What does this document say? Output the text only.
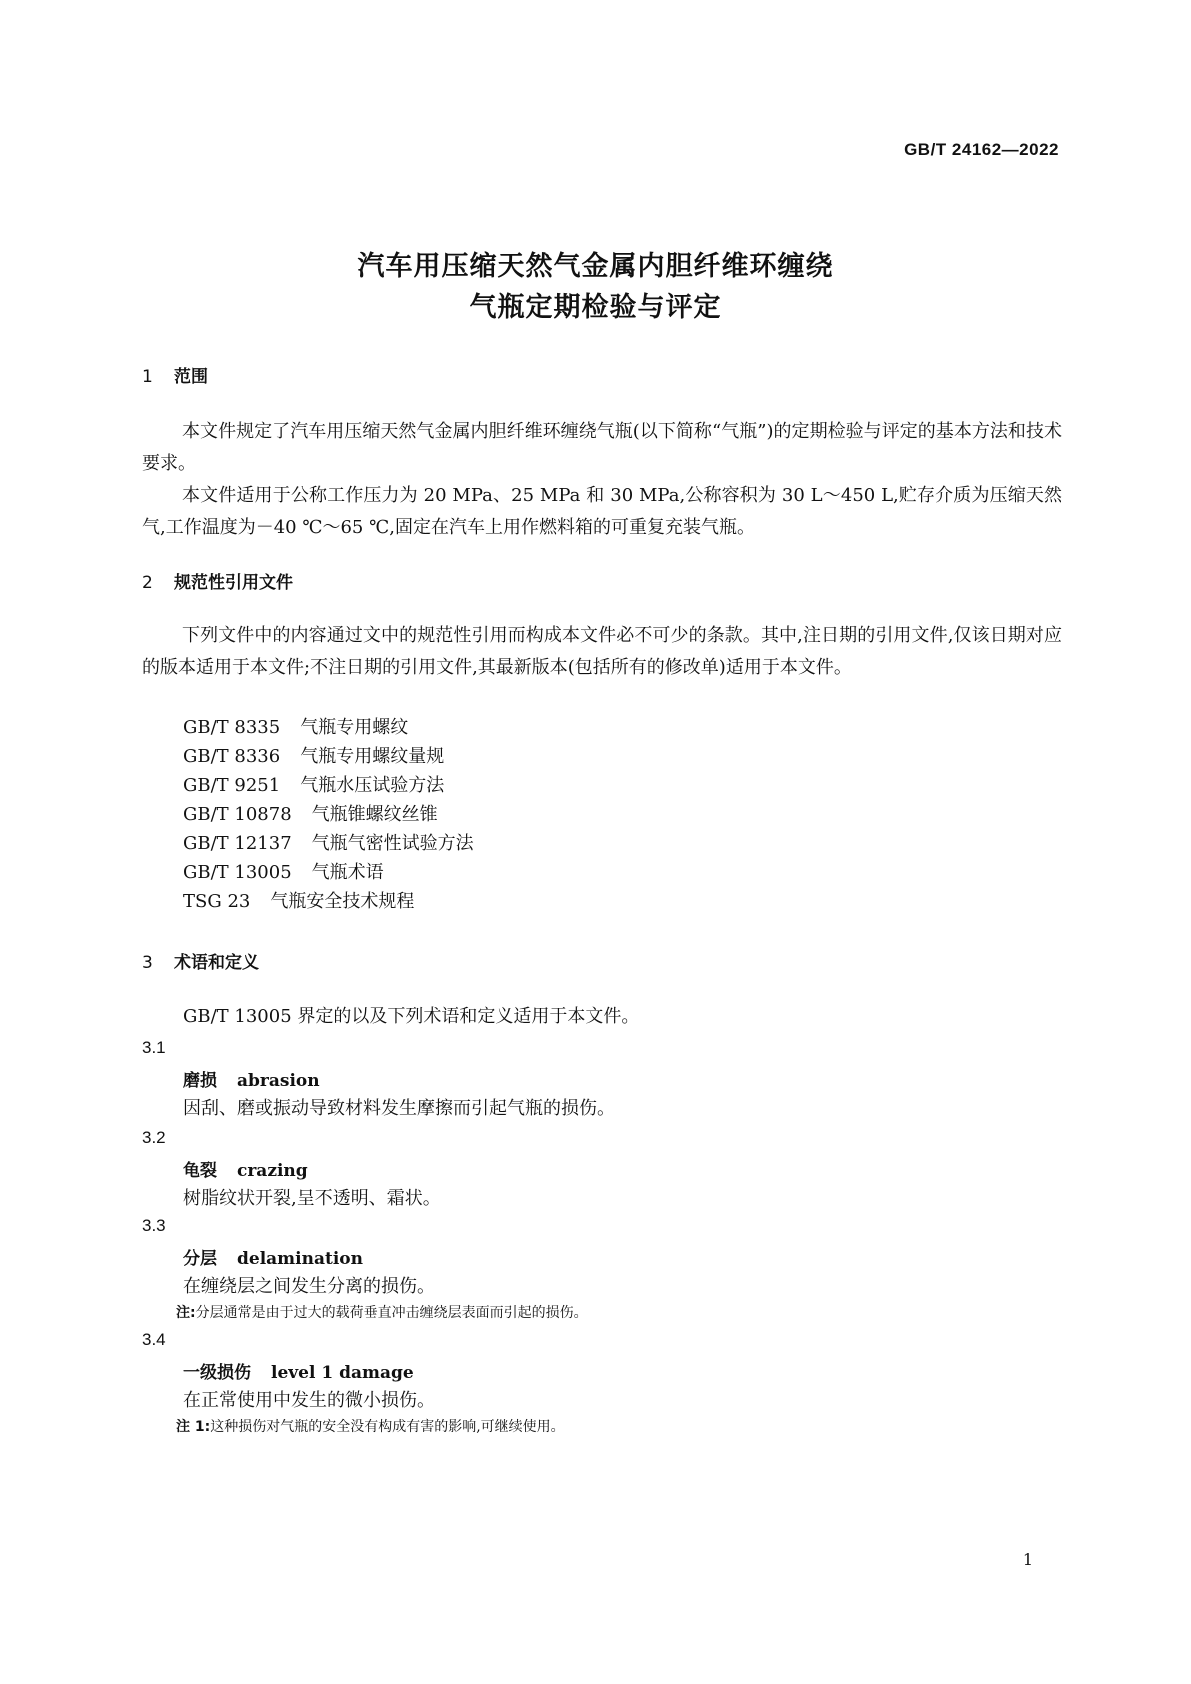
GB/T 24162—2022
汽车用压缩天然气金属内胆纤维环缠绕
气瓶定期检验与评定
1 范围

本文件规定了汽车用压缩天然气金属内胆纤维环缠绕气瓶(以下简称“气瓶”)的定期检验与评定的基本方法和技术要求。

本文件适用于公称工作压力为 20 MPa、25 MPa 和 30 MPa,公称容积为 30 L～450 L,贮存介质为压缩天然气,工作温度为－40 ℃～65 ℃,固定在汽车上用作燃料箱的可重复充装气瓶。

2 规范性引用文件

下列文件中的内容通过文中的规范性引用而构成本文件必不可少的条款。其中,注日期的引用文件,仅该日期对应的版本适用于本文件;不注日期的引用文件,其最新版本(包括所有的修改单)适用于本文件。

GB/T 8335 气瓶专用螺纹
GB/T 8336 气瓶专用螺纹量规
GB/T 9251 气瓶水压试验方法
GB/T 10878 气瓶锥螺纹丝锥
GB/T 12137 气瓶气密性试验方法
GB/T 13005 气瓶术语
TSG 23 气瓶安全技术规程
3 术语和定义
GB/T 13005 界定的以及下列术语和定义适用于本文件。
3.1
磨损 abrasion
因刮、磨或振动导致材料发生摩擦而引起气瓶的损伤。
3.2
龟裂 crazing
树脂纹状开裂,呈不透明、霜状。
3.3
分层 delamination
在缠绕层之间发生分离的损伤。
注:分层通常是由于过大的载荷垂直冲击缠绕层表面而引起的损伤。
3.4
一级损伤 level 1 damage
在正常使用中发生的微小损伤。
注 1:这种损伤对气瓶的安全没有构成有害的影响,可继续使用。
1
